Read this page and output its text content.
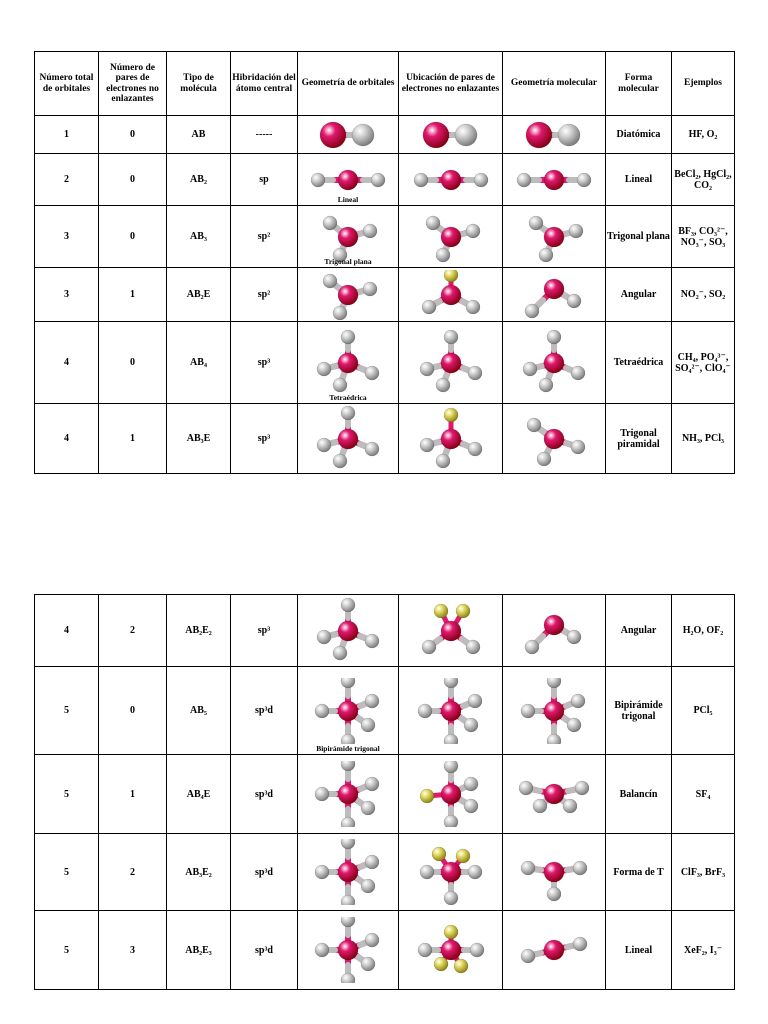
Número total de orbitales	Número de pares de electrones no enlazantes	Tipo de molécula	Hibridación del átomo central	Geometría de orbitales	Ubicación de pares de electrones no enlazantes	Geometría molecular	Forma molecular	Ejemplos
1	0	AB	-----				Diatómica	HF, O₂
2	0	AB₂	sp	Lineal			Lineal	BeCl₂, HgCl₂, CO₂
3	0	AB₃	sp²	Trigonal plana			Trigonal plana	BF₃, CO₃²⁻, NO₃⁻, SO₃
3	1	AB₂E	sp²				Angular	NO₂⁻, SO₂
4	0	AB₄	sp³	Tetraédrica			Tetraédrica	CH₄, PO₄³⁻, SO₄²⁻, ClO₄⁻
4	1	AB₃E	sp³				Trigonal piramidal	NH₃, PCl₃
4	2	AB₂E₂	sp³				Angular	H₂O, OF₂
5	0	AB₅	sp³d	Bipirámide trigonal			Bipirámide trigonal	PCl₅
5	1	AB₄E	sp³d				Balancín	SF₄
5	2	AB₃E₂	sp³d				Forma de T	ClF₃, BrF₃
5	3	AB₂E₃	sp³d				Lineal	XeF₂, I₃⁻
